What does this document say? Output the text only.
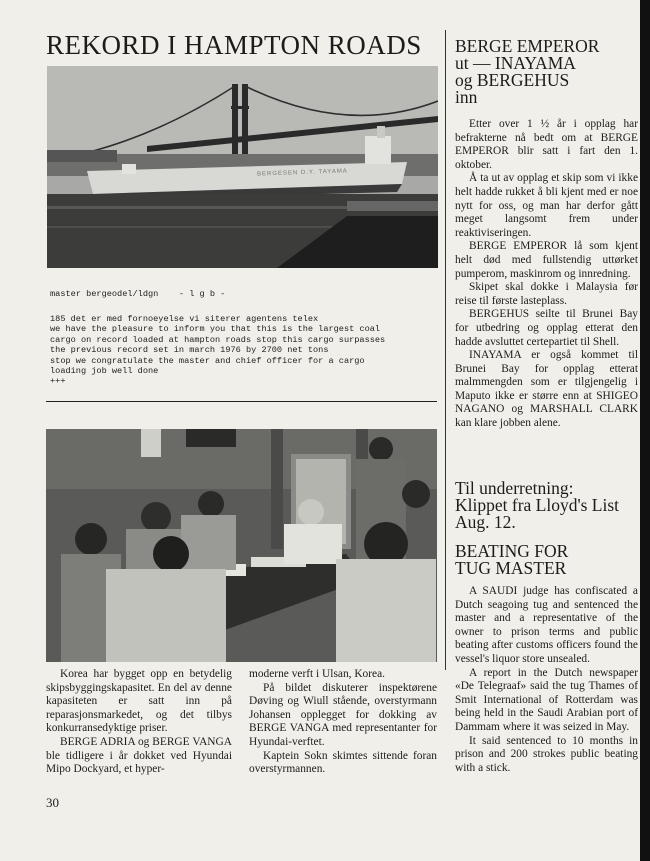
REKORD I HAMPTON ROADS
BERGESEN D.Y. TAYAMA
master bergeodel/ldgn    - l g b -
185 det er med fornoeyelse vi siterer agentens telex
we have the pleasure to inform you that this is the largest coal
cargo on record loaded at hampton roads stop this cargo surpasses
the previous record set in march 1976 by 2700 net tons
stop we congratulate the master and chief officer for a cargo
loading job well done
+++

Korea har bygget opp en betydelig skipsbyggingskapasitet. En del av denne kapasiteten er satt inn på reparasjonsmarkedet, og det tilbys konkurransedyktige priser.

BERGE ADRIA og BERGE VANGA ble tidligere i år dokket ved Hyundai Mipo Dockyard, et hyper-

moderne verft i Ulsan, Korea.

På bildet diskuterer inspektørene Døving og Wiull stående, overstyrmann Johansen opplegget for dokking av BERGE VANGA med representanter for Hyundai-verftet.

Kaptein Sokn skimtes sittende foran overstyrmannen.

BERGE EMPEROR
ut — INAYAMA
og BERGEHUS
inn

Etter over 1 ½ år i opplag har befrakterne nå bedt om at BERGE EMPEROR blir satt i fart den 1. oktober.

Å ta ut av opplag et skip som vi ikke helt hadde rukket å bli kjent med er noe nytt for oss, og man har derfor gått meget langsomt frem under reaktiviseringen.

BERGE EMPEROR lå som kjent helt død med fullstendig uttørket pumperom, maskinrom og innredning.

Skipet skal dokke i Malaysia før reise til første lasteplass.

BERGEHUS seilte til Brunei Bay for utbedring og opplag etterat den hadde avsluttet certepartiet til Shell.

INAYAMA er også kommet til Brunei Bay for opplag etterat malmmengden som er tilgjengelig i Maputo ikke er større enn at SHIGEO NAGANO og MARSHALL CLARK kan klare jobben alene.

Til underretning:
Klippet fra Lloyd's List
Aug. 12.
BEATING FOR
TUG MASTER

A SAUDI judge has confiscated a Dutch seagoing tug and sentenced the master and a representative of the owner to prison terms and public beating after customs officers found the vessel's liquor store unsealed.

A report in the Dutch newspaper «De Telegraaf» said the tug Thames of Smit International of Rotterdam was being held in the Saudi Arabian port of Dammam where it was seized in May.

It said sentenced to 10 months in prison and 200 strokes public beating with a stick.

30
